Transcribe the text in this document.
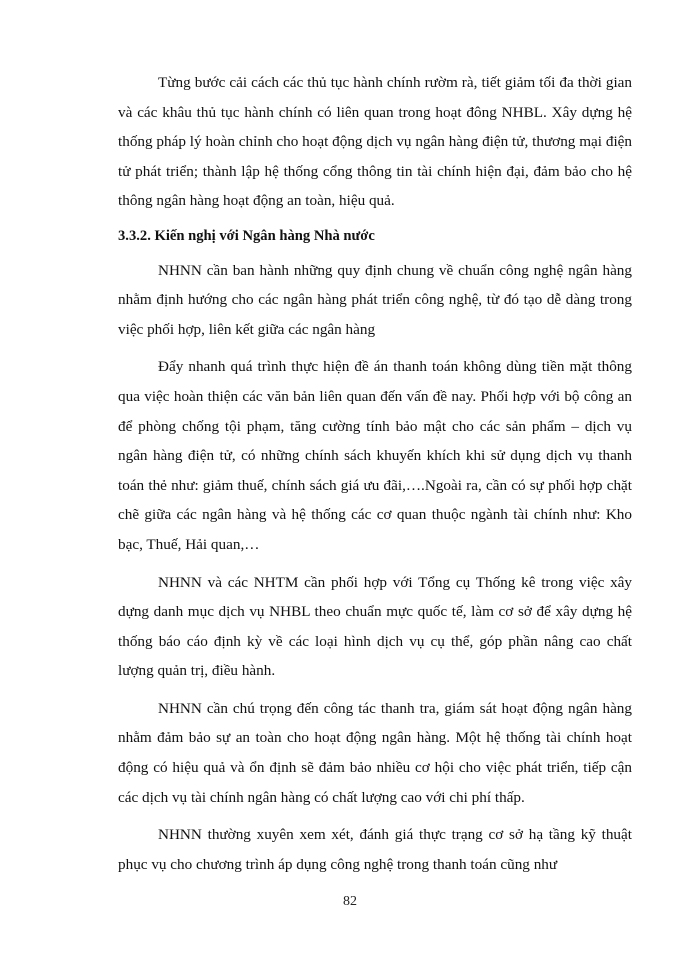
Từng bước cải cách các thủ tục hành chính rườm rà, tiết giảm tối đa thời gian và các khâu thủ tục hành chính có liên quan trong hoạt đông NHBL. Xây dựng hệ thống pháp lý hoàn chỉnh cho hoạt động dịch vụ ngân hàng điện tử, thương mại điện tử phát triển; thành lập hệ thống cổng thông tin tài chính hiện đại, đảm bảo cho hệ thông ngân hàng hoạt động an toàn, hiệu quả.

3.3.2. Kiến nghị với Ngân hàng Nhà nước

NHNN cần ban hành những quy định chung về chuẩn công nghệ ngân hàng nhằm định hướng cho các ngân hàng phát triển công nghệ, từ đó tạo dễ dàng trong việc phối hợp, liên kết giữa các ngân hàng

Đẩy nhanh quá trình thực hiện đề án thanh toán không dùng tiền mặt thông qua việc hoàn thiện các văn bản liên quan đến vấn đề nay. Phối hợp với bộ công an để phòng chống tội phạm, tăng cường tính bảo mật cho các sản phẩm – dịch vụ ngân hàng điện tử, có những chính sách khuyến khích khi sử dụng dịch vụ thanh toán thẻ như: giảm thuế, chính sách giá ưu đãi,….Ngoài ra, cần có sự phối hợp chặt chẽ giữa các ngân hàng và hệ thống các cơ quan thuộc ngành tài chính như: Kho bạc, Thuế, Hải quan,…

NHNN và các NHTM cần phối hợp với Tổng cụ Thống kê trong việc xây dựng danh mục dịch vụ NHBL theo chuẩn mực quốc tế, làm cơ sở để xây dựng hệ thống báo cáo định kỳ về các loại hình dịch vụ cụ thể, góp phần nâng cao chất lượng quản trị, điều hành.

NHNN cần chú trọng đến công tác thanh tra, giám sát hoạt động ngân hàng nhằm đảm bảo sự an toàn cho hoạt động ngân hàng. Một hệ thống tài chính hoạt động có hiệu quả và ổn định sẽ đảm bảo nhiều cơ hội cho việc phát triển, tiếp cận các dịch vụ tài chính ngân hàng có chất lượng cao với chi phí thấp.

NHNN thường xuyên xem xét, đánh giá thực trạng cơ sở hạ tầng kỹ thuật phục vụ cho chương trình áp dụng công nghệ trong thanh toán cũng như

82
